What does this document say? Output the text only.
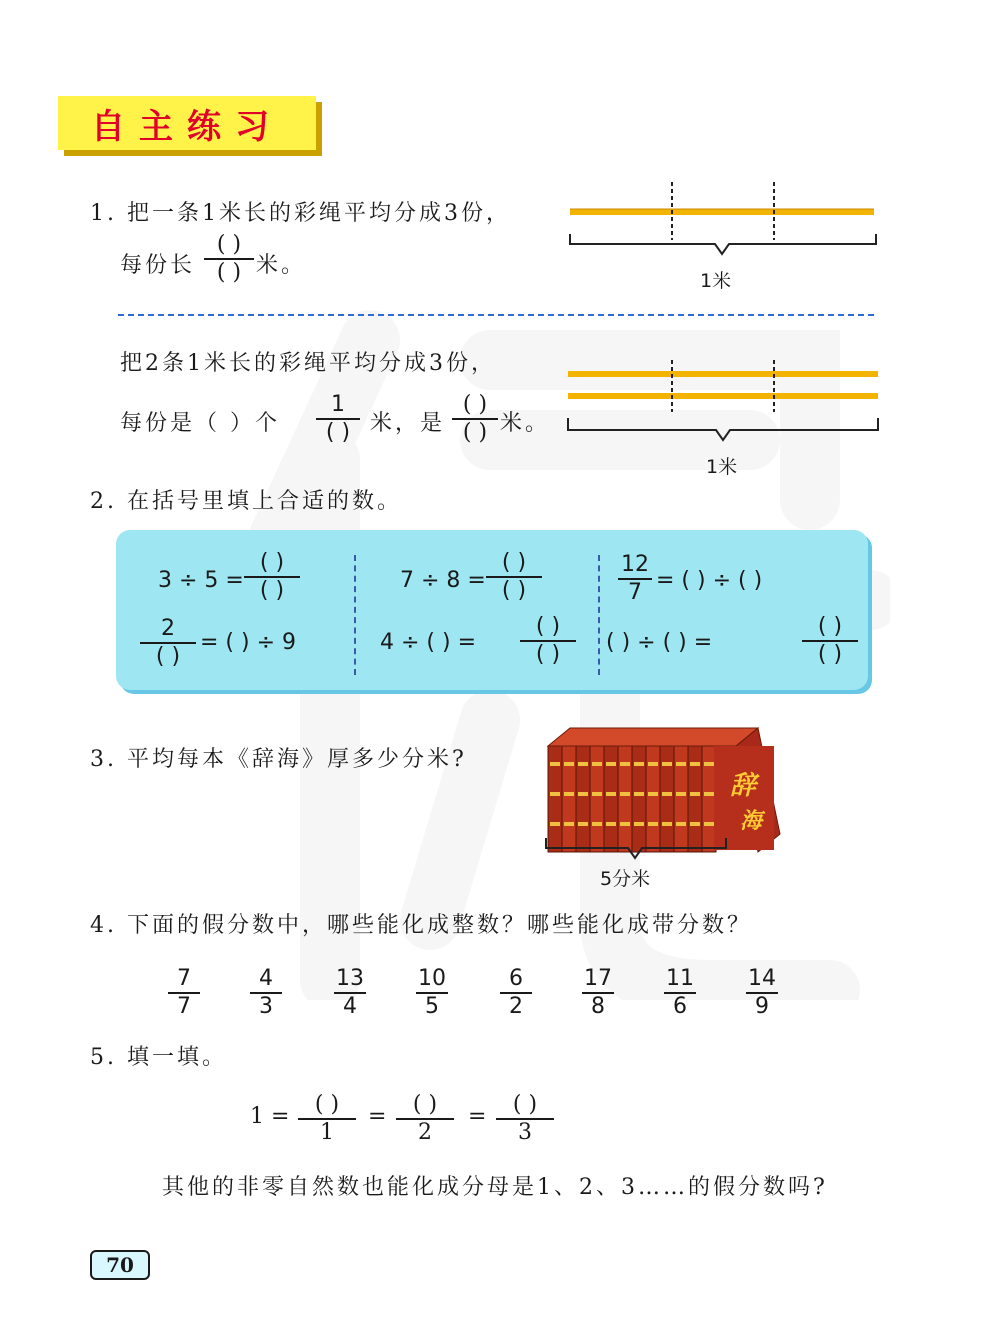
自主练习
1. 把一条1米长的彩绳平均分成3份，
每份长
( )
( ) 米。
1米
把2条1米长的彩绳平均分成3份，
每份是（ ）个
1
( ) 米，是
( )
( ) 米。
1米
2. 在括号里填上合适的数。
3 ÷ 5 =
( )
( )
2
( )
= ( ) ÷ 9
7 ÷ 8 =
( )
( )
4 ÷ ( ) =
( )
( )
12
7 = ( ) ÷ ( )
( ) ÷ ( ) =
( )
( )
3. 平均每本《辞海》厚多少分米?
辞
海
5分米
4. 下面的假分数中，哪些能化成整数？哪些能化成带分数？
7
7
4
3
13
4
10
5
6
2
17
8
11
6
14
9
5. 填一填。
1 = ( )
1
= ( )
2
= ( )
3
其他的非零自然数也能化成分母是1、2、3……的假分数吗?
70
